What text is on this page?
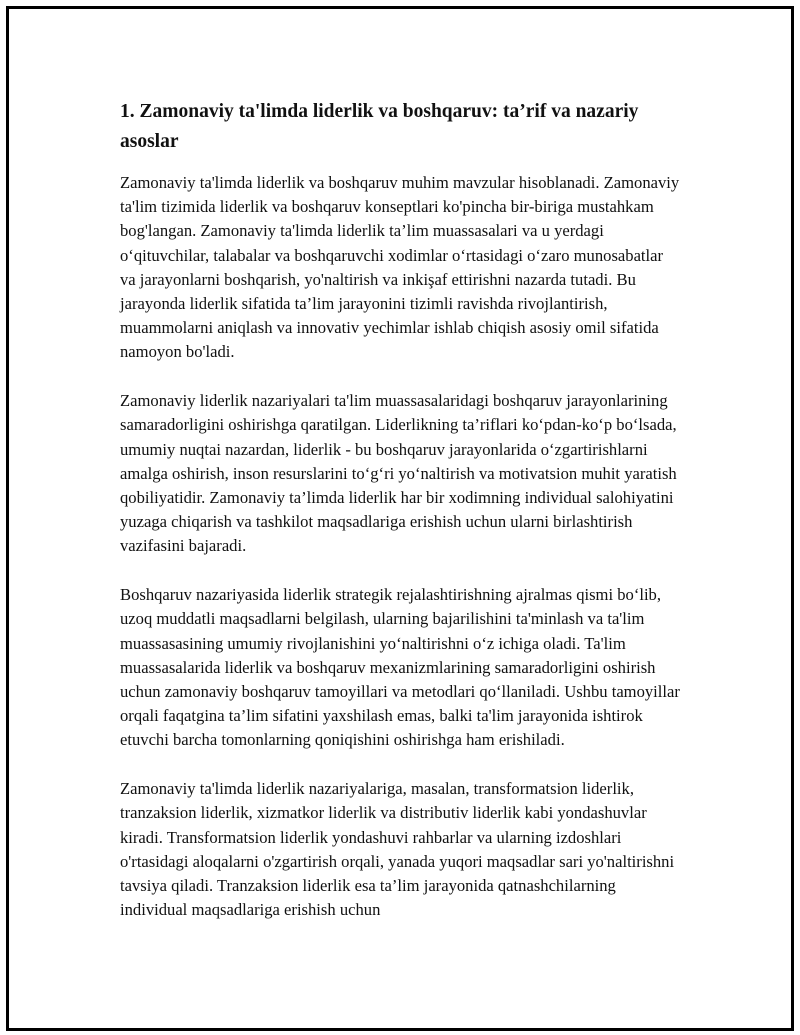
1. Zamonaviy ta'limda liderlik va boshqaruv: ta’rif va nazariy asoslar

Zamonaviy ta'limda liderlik va boshqaruv muhim mavzular hisoblanadi. Zamonaviy ta'lim tizimida liderlik va boshqaruv konseptlari ko'pincha bir-biriga mustahkam bog'langan. Zamonaviy ta'limda liderlik ta’lim muassasalari va u yerdagi o‘qituvchilar, talabalar va boshqaruvchi xodimlar o‘rtasidagi o‘zaro munosabatlar va jarayonlarni boshqarish, yo'naltirish va inkişaf ettirishni nazarda tutadi. Bu jarayonda liderlik sifatida ta’lim jarayonini tizimli ravishda rivojlantirish, muammolarni aniqlash va innovativ yechimlar ishlab chiqish asosiy omil sifatida namoyon bo'ladi.

Zamonaviy liderlik nazariyalari ta'lim muassasalaridagi boshqaruv jarayonlarining samaradorligini oshirishga qaratilgan. Liderlikning ta’riflari ko‘pdan-ko‘p bo‘lsada, umumiy nuqtai nazardan, liderlik - bu boshqaruv jarayonlarida o‘zgartirishlarni amalga oshirish, inson resurslarini to‘g‘ri yo‘naltirish va motivatsion muhit yaratish qobiliyatidir. Zamonaviy ta’limda liderlik har bir xodimning individual salohiyatini yuzaga chiqarish va tashkilot maqsadlariga erishish uchun ularni birlashtirish vazifasini bajaradi.

Boshqaruv nazariyasida liderlik strategik rejalashtirishning ajralmas qismi bo‘lib, uzoq muddatli maqsadlarni belgilash, ularning bajarilishini ta'minlash va ta'lim muassasasining umumiy rivojlanishini yo‘naltirishni o‘z ichiga oladi. Ta'lim muassasalarida liderlik va boshqaruv mexanizmlarining samaradorligini oshirish uchun zamonaviy boshqaruv tamoyillari va metodlari qo‘llaniladi. Ushbu tamoyillar orqali faqatgina ta’lim sifatini yaxshilash emas, balki ta'lim jarayonida ishtirok etuvchi barcha tomonlarning qoniqishini oshirishga ham erishiladi.

Zamonaviy ta'limda liderlik nazariyalariga, masalan, transformatsion liderlik, tranzaksion liderlik, xizmatkor liderlik va distributiv liderlik kabi yondashuvlar kiradi. Transformatsion liderlik yondashuvi rahbarlar va ularning izdoshlari o'rtasidagi aloqalarni o'zgartirish orqali, yanada yuqori maqsadlar sari yo'naltirishni tavsiya qiladi. Tranzaksion liderlik esa ta’lim jarayonida qatnashchilarning individual maqsadlariga erishish uchun
